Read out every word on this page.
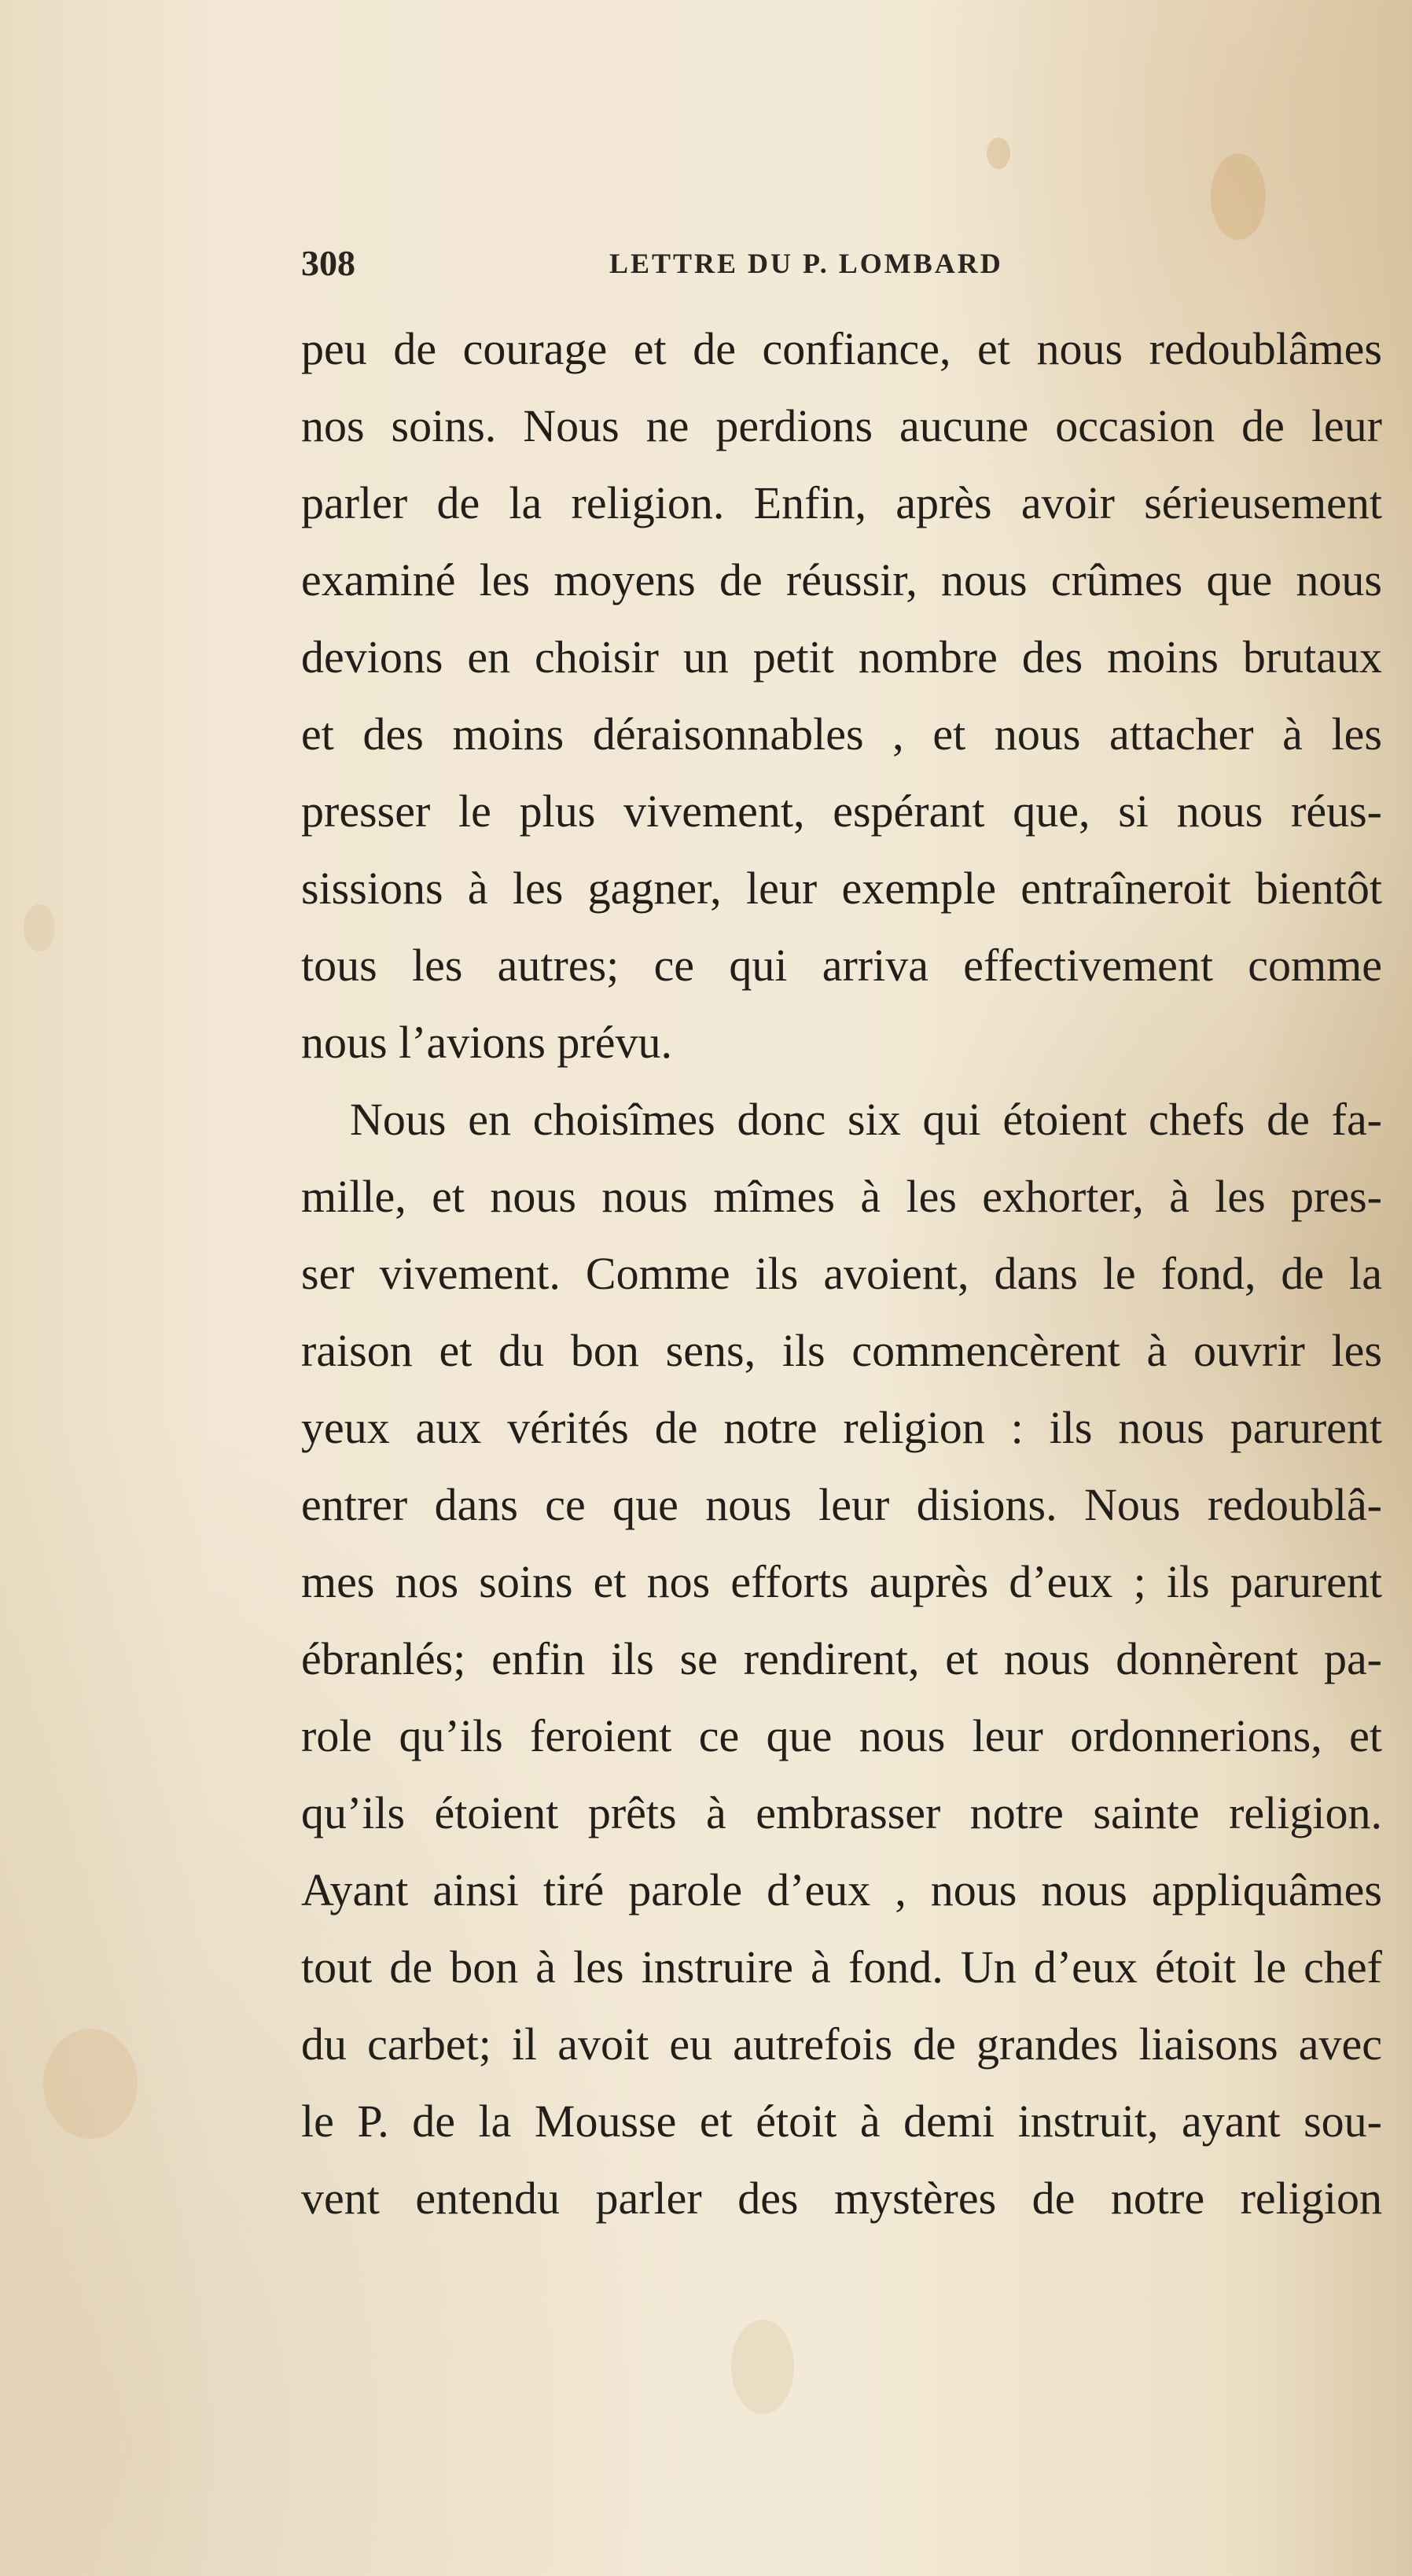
308	LETTRE DU P. LOMBARD
peu de courage et de confiance, et nous redoublâmes
nos soins. Nous ne perdions aucune occasion de leur
parler de la religion. Enfin, après avoir sérieusement
examiné les moyens de réussir, nous crûmes que nous
devions en choisir un petit nombre des moins brutaux
et des moins déraisonnables , et nous attacher à les
presser le plus vivement, espérant que, si nous réus-
sissions à les gagner, leur exemple entraîneroit bientôt
tous les autres; ce qui arriva effectivement comme
nous l’avions prévu.
Nous en choisîmes donc six qui étoient chefs de fa-
mille, et nous nous mîmes à les exhorter, à les pres-
ser vivement. Comme ils avoient, dans le fond, de la
raison et du bon sens, ils commencèrent à ouvrir les
yeux aux vérités de notre religion : ils nous parurent
entrer dans ce que nous leur disions. Nous redoublâ-
mes nos soins et nos efforts auprès d’eux ; ils parurent
ébranlés; enfin ils se rendirent, et nous donnèrent pa-
role qu’ils feroient ce que nous leur ordonnerions, et
qu’ils étoient prêts à embrasser notre sainte religion.
Ayant ainsi tiré parole d’eux , nous nous appliquâmes
tout de bon à les instruire à fond. Un d’eux étoit le chef
du carbet; il avoit eu autrefois de grandes liaisons avec
le P. de la Mousse et étoit à demi instruit, ayant sou-
vent entendu parler des mystères de notre religion
